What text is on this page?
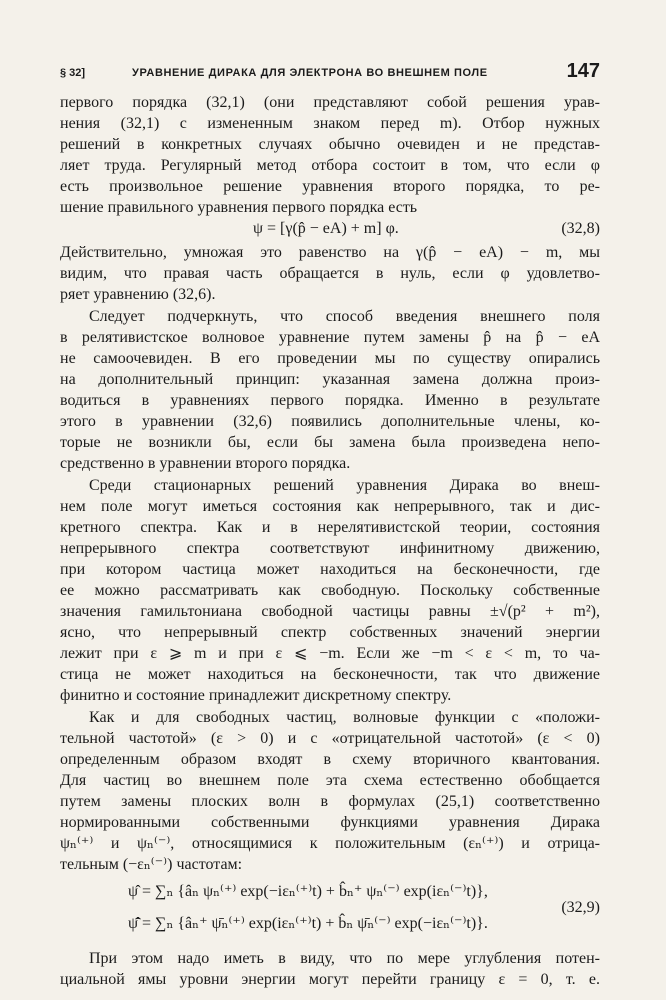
§ 32]	УРАВНЕНИЕ ДИРАКА ДЛЯ ЭЛЕКТРОНА ВО ВНЕШНЕМ ПОЛЕ	147
первого порядка (32,1) (они представляют собой решения урав-
нения (32,1) с измененным знаком перед m). Отбор нужных
решений в конкретных случаях обычно очевиден и не представ-
ляет труда. Регулярный метод отбора состоит в том, что если φ
есть произвольное решение уравнения второго порядка, то ре-
шение правильного уравнения первого порядка есть
ψ = [γ(p̂ − eA) + m] φ.	(32,8)
Действительно, умножая это равенство на γ(p̂ − eA) − m, мы
видим, что правая часть обращается в нуль, если φ удовлетво-
ряет уравнению (32,6).
Следует подчеркнуть, что способ введения внешнего поля
в релятивистское волновое уравнение путем замены p̂ на p̂ − eA
не самоочевиден. В его проведении мы по существу опирались
на дополнительный принцип: указанная замена должна произ-
водиться в уравнениях первого порядка. Именно в результате
этого в уравнении (32,6) появились дополнительные члены, ко-
торые не возникли бы, если бы замена была произведена непо-
средственно в уравнении второго порядка.
Среди стационарных решений уравнения Дирака во внеш-
нем поле могут иметься состояния как непрерывного, так и дис-
кретного спектра. Как и в нерелятивистской теории, состояния
непрерывного спектра соответствуют инфинитному движению,
при котором частица может находиться на бесконечности, где
ее можно рассматривать как свободную. Поскольку собственные
значения гамильтониана свободной частицы равны ±√(p² + m²),
ясно, что непрерывный спектр собственных значений энергии
лежит при ε ⩾ m и при ε ⩽ −m. Если же −m < ε < m, то ча-
стица не может находиться на бесконечности, так что движение
финитно и состояние принадлежит дискретному спектру.
Как и для свободных частиц, волновые функции с «положи-
тельной частотой» (ε > 0) и с «отрицательной частотой» (ε < 0)
определенным образом входят в схему вторичного квантования.
Для частиц во внешнем поле эта схема естественно обобщается
путем замены плоских волн в формулах (25,1) соответственно
нормированными собственными функциями уравнения Дирака
ψₙ⁽⁺⁾ и ψₙ⁽⁻⁾, относящимися к положительным (εₙ⁽⁺⁾) и отрица-
тельным (−εₙ⁽⁻⁾) частотам:
ψ̂ = ∑ₙ {âₙ ψₙ⁽⁺⁾ exp(−iεₙ⁽⁺⁾t) + b̂ₙ⁺ ψₙ⁽⁻⁾ exp(iεₙ⁽⁻⁾t)},
ψ̄̂ = ∑ₙ {âₙ⁺ ψ̄ₙ⁽⁺⁾ exp(iεₙ⁽⁺⁾t) + b̂ₙ ψ̄ₙ⁽⁻⁾ exp(−iεₙ⁽⁻⁾t)}.
(32,9)
При этом надо иметь в виду, что по мере углубления потен-
циальной ямы уровни энергии могут перейти границу ε = 0, т. е.
